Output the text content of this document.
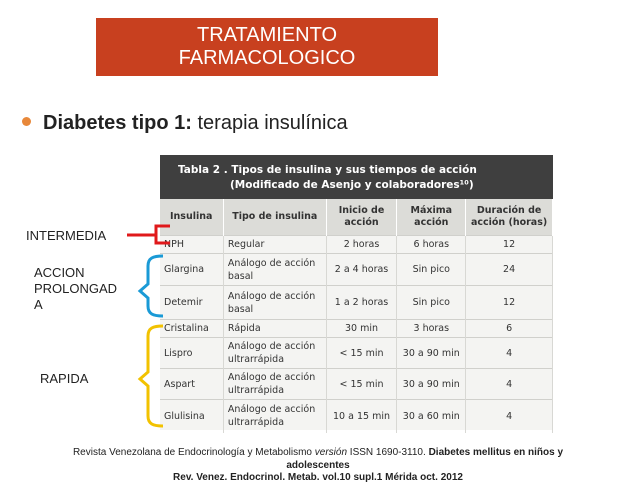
TRATAMIENTO
FARMACOLOGICO
Diabetes tipo 1: terapia insulínica
Tabla 2 . Tipos de insulina y sus tiempos de acción
(Modificado de Asenjo y colaboradores¹⁰)				

Insulina	Tipo de insulina	Inicio de acción	Máxima acción	Duración de acción (horas)
NPH	Regular	2 horas	6 horas	12
Glargina	Análogo de acción basal	2 a 4 horas	Sin pico	24
Detemir	Análogo de acción basal	1 a 2 horas	Sin pico	12
Cristalina	Rápida	30 min	3 horas	6
Lispro	Análogo de acción ultrarrápida	< 15 min	30 a 90 min	4
Aspart	Análogo de acción ultrarrápida	< 15 min	30 a 90 min	4
Glulisina	Análogo de acción ultrarrápida	10 a 15 min	30 a 60 min	4
INTERMEDIA
ACCION
PROLONGAD
A
RAPIDA
Revista Venezolana de Endocrinología y Metabolismo versión ISSN 1690-3110. Diabetes mellitus en niños y adolescentes
Rev. Venez. Endocrinol. Metab. vol.10 supl.1 Mérida oct. 2012
